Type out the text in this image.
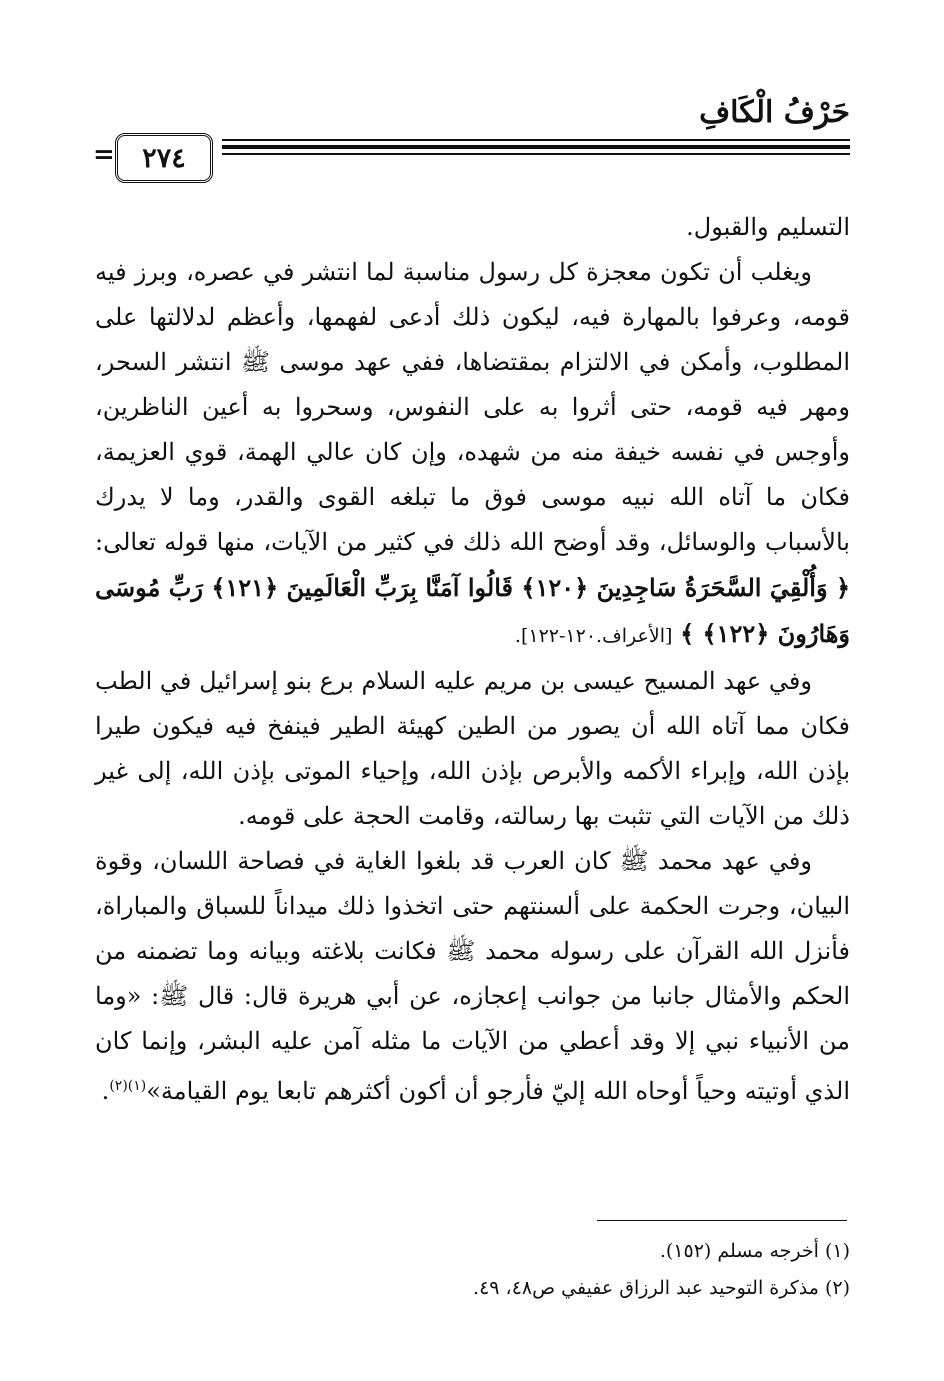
حَرْفُ الْكَافِ
٢٧٤
=

التسليم والقبول.

ويغلب أن تكون معجزة كل رسول مناسبة لما انتشر في عصره، وبرز فيه قومه، وعرفوا بالمهارة فيه، ليكون ذلك أدعى لفهمها، وأعظم لدلالتها على المطلوب، وأمكن في الالتزام بمقتضاها، ففي عهد موسى ﷺ انتشر السحر، ومهر فيه قومه، حتى أثروا به على النفوس، وسحروا به أعين الناظرين، وأوجس في نفسه خيفة منه من شهده، وإن كان عالي الهمة، قوي العزيمة، فكان ما آتاه الله نبيه موسى فوق ما تبلغه القوى والقدر، وما لا يدرك بالأسباب والوسائل، وقد أوضح الله ذلك في كثير من الآيات، منها قوله تعالى: ﴿ وَأُلْقِيَ السَّحَرَةُ سَاجِدِينَ ﴿١٢٠﴾ قَالُوا آمَنَّا بِرَبِّ الْعَالَمِينَ ﴿١٢١﴾ رَبِّ مُوسَى وَهَارُونَ ﴿١٢٢﴾ ﴾ [الأعراف.١٢٠-١٢٢].

وفي عهد المسيح عيسى بن مريم عليه السلام برع بنو إسرائيل في الطب فكان مما آتاه الله أن يصور من الطين كهيئة الطير فينفخ فيه فيكون طيرا بإذن الله، وإبراء الأكمه والأبرص بإذن الله، وإحياء الموتى بإذن الله، إلى غير ذلك من الآيات التي تثبت بها رسالته، وقامت الحجة على قومه.

وفي عهد محمد ﷺ كان العرب قد بلغوا الغاية في فصاحة اللسان، وقوة البيان، وجرت الحكمة على ألسنتهم حتى اتخذوا ذلك ميداناً للسباق والمباراة، فأنزل الله القرآن على رسوله محمد ﷺ فكانت بلاغته وبيانه وما تضمنه من الحكم والأمثال جانبا من جوانب إعجازه، عن أبي هريرة قال: قال ﷺ: «وما من الأنبياء نبي إلا وقد أعطي من الآيات ما مثله آمن عليه البشر، وإنما كان الذي أوتيته وحياً أوحاه الله إليّ فأرجو أن أكون أكثرهم تابعا يوم القيامة»$^{(١)(٢)}$.

(١) أخرجه مسلم (١٥٢).

(٢) مذكرة التوحيد عبد الرزاق عفيفي ص٤٨، ٤٩.
